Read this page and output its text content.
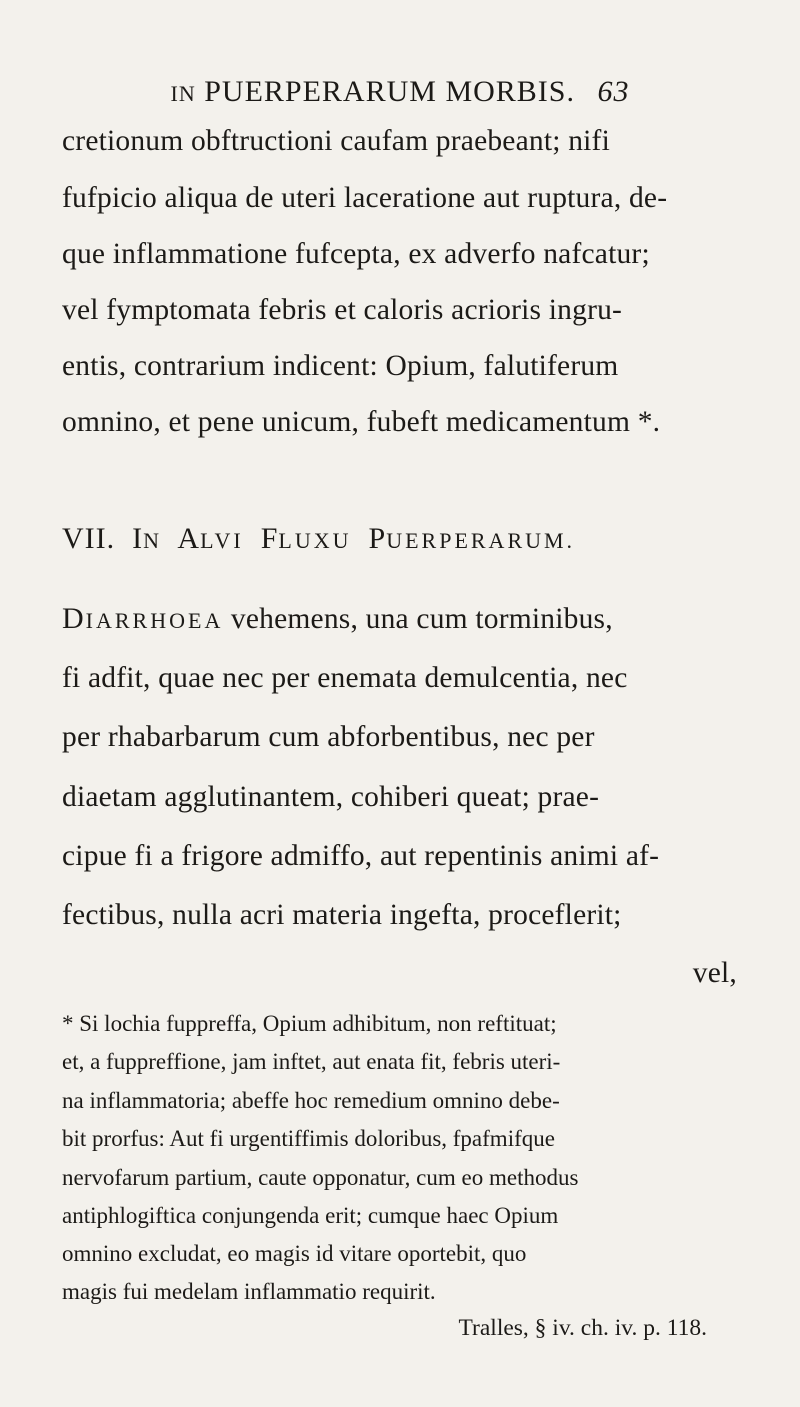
IN PUERPERARUM MORBIS. 63
cretionum obftructioni caufam praebeant; nifi
fufpicio aliqua de uteri laceratione aut ruptura, de-
que inflammatione fufcepta, ex adverfo nafcatur;
vel fymptomata febris et caloris acrioris ingru-
entis, contrarium indicent: Opium, falutiferum
omnino, et pene unicum, fubeft medicamentum *.
VII. IN ALVI FLUXU PUERPERARUM.
DIARRHOEA vehemens, una cum torminibus,
fi adfit, quae nec per enemata demulcentia, nec
per rhabarbarum cum abforbentibus, nec per
diaetam agglutinantem, cohiberi queat; prae-
cipue fi a frigore admiffo, aut repentinis animi af-
fectibus, nulla acri materia ingefta, proceflerit;
vel,
* Si lochia fuppreffa, Opium adhibitum, non reftituat;
et, a fuppreffione, jam inftet, aut enata fit, febris uteri-
na inflammatoria; abeffe hoc remedium omnino debe-
bit prorfus: Aut fi urgentiffimis doloribus, fpafmifque
nervofarum partium, caute opponatur, cum eo methodus
antiphlogiftica conjungenda erit; cumque haec Opium
omnino excludat, eo magis id vitare oportebit, quo
magis fui medelam inflammatio requirit.
Tralles, § iv. ch. iv. p. 118.
